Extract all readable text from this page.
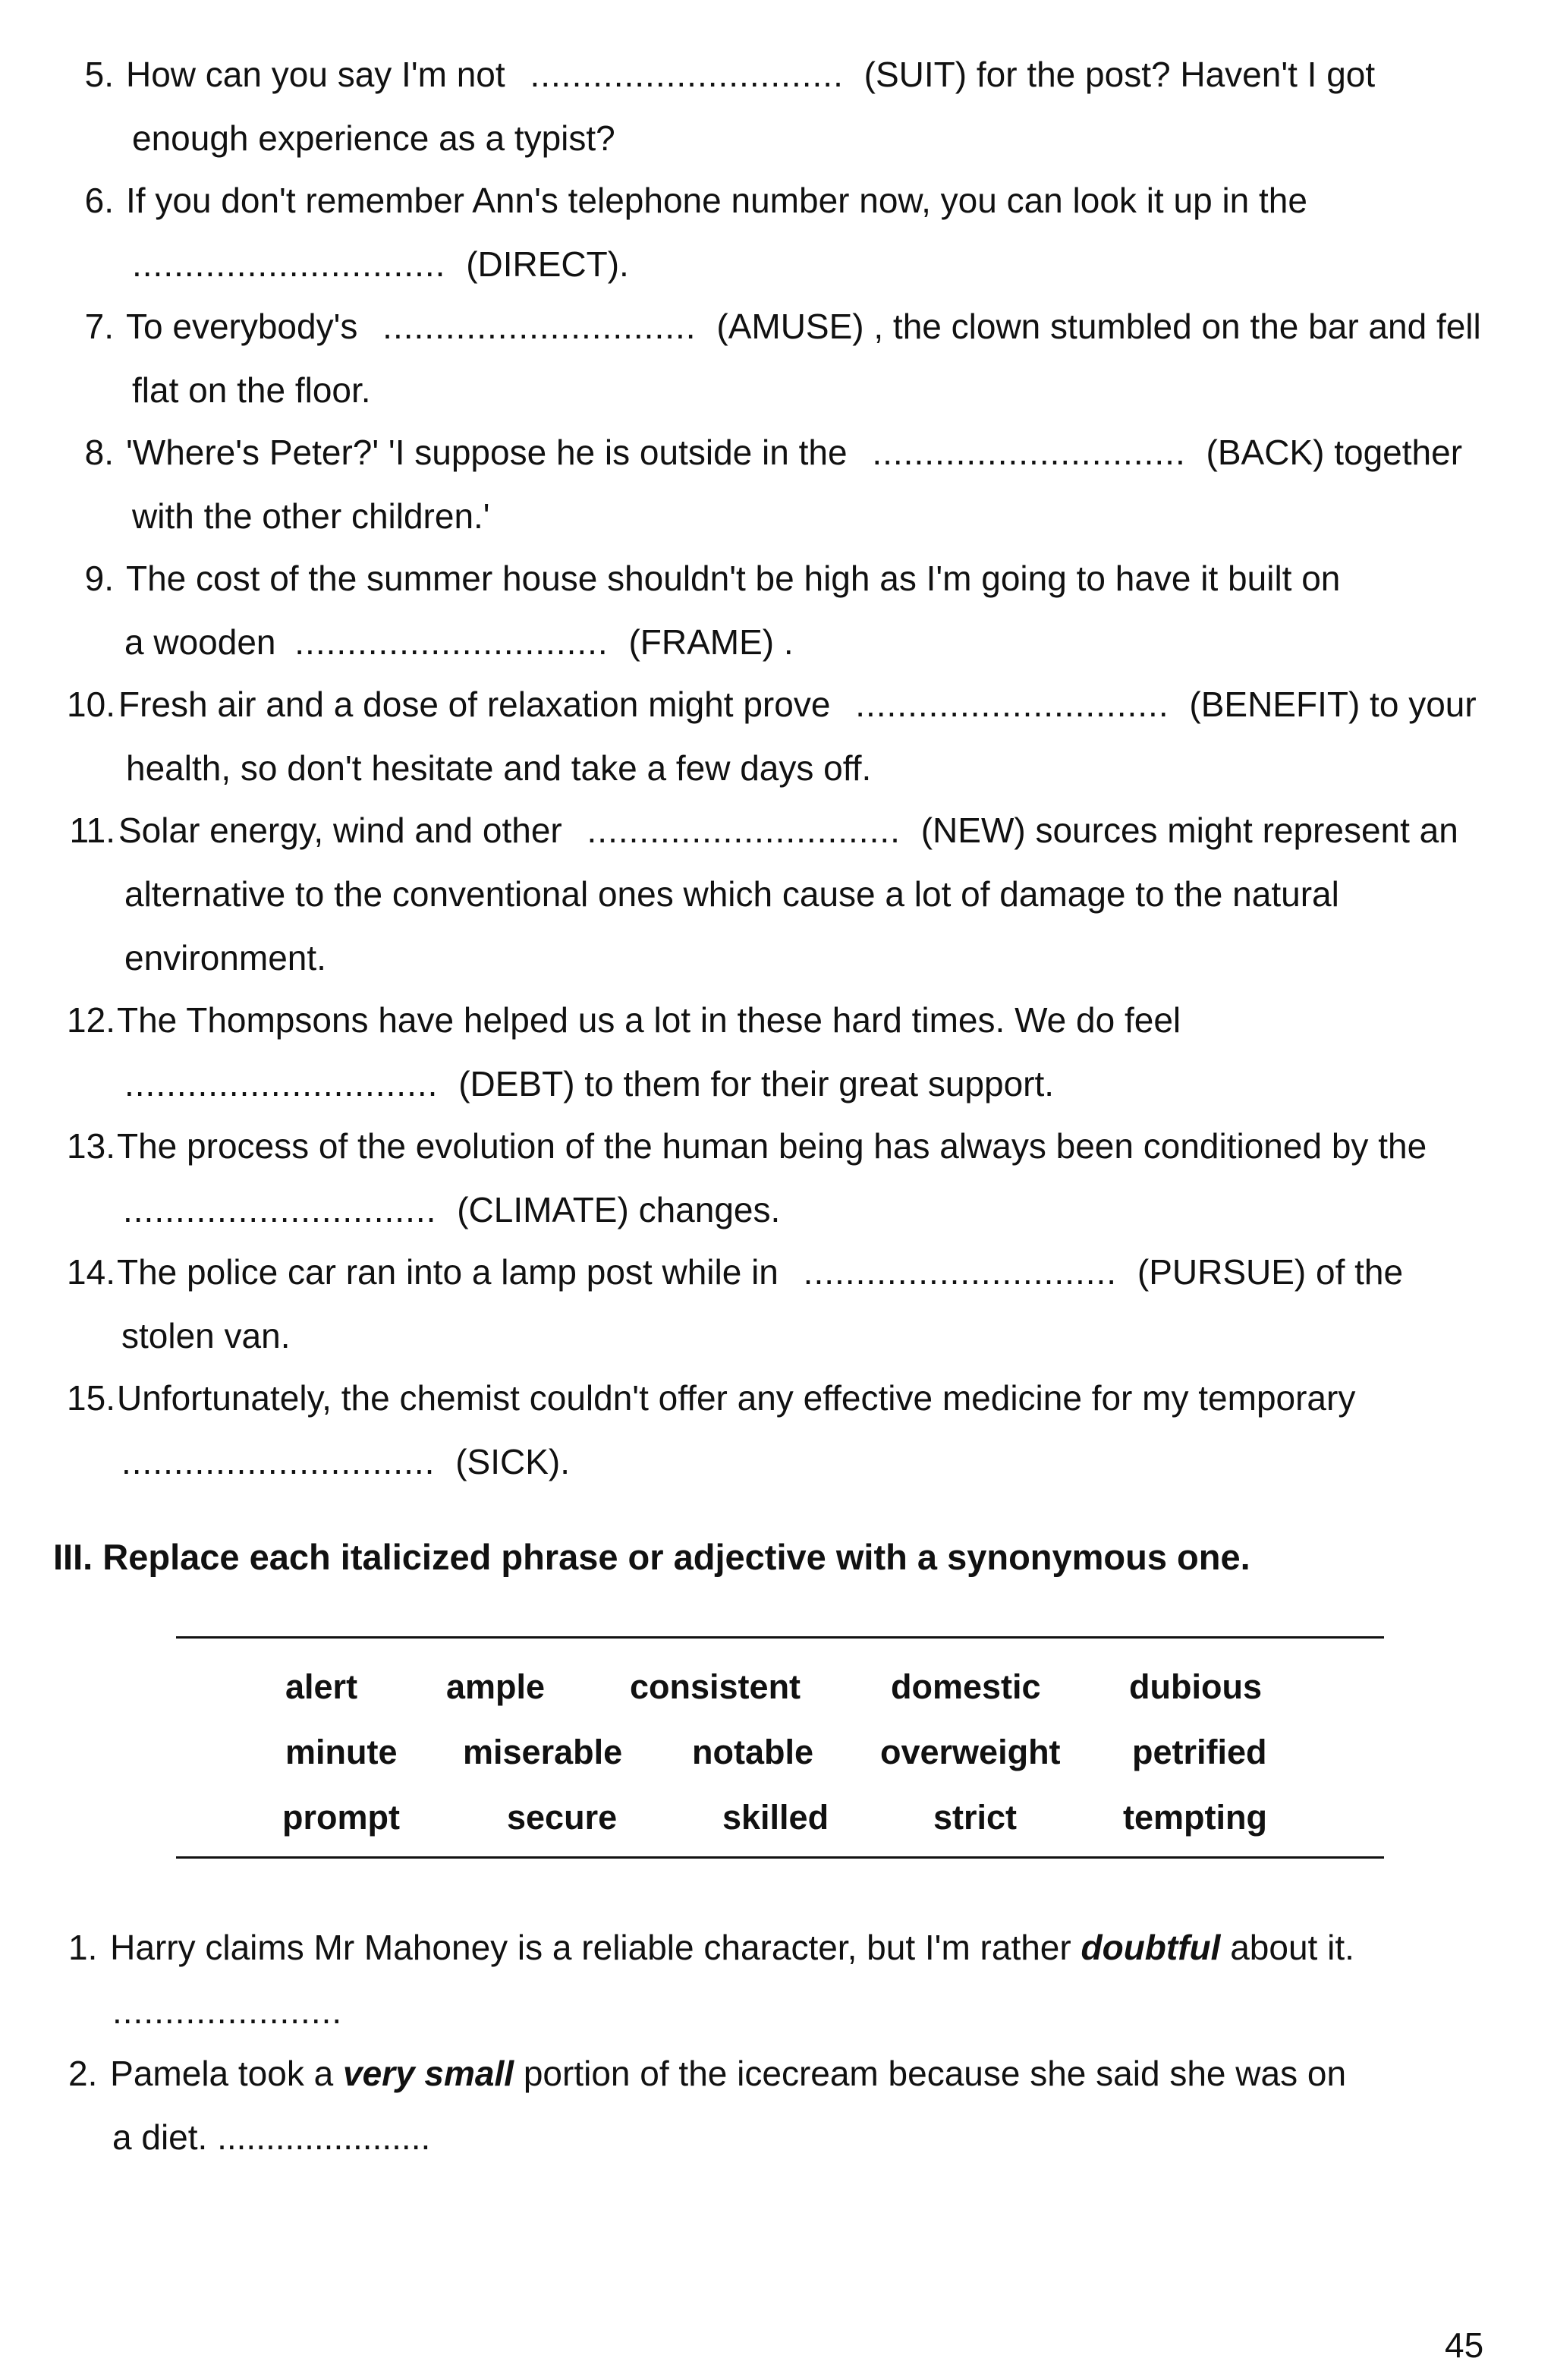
5. How can you say I'm not .............................. (SUIT) for the post? Haven't I got
enough experience as a typist?
6. If you don't remember Ann's telephone number now, you can look it up in the
.............................. (DIRECT).
7. To everybody's .............................. (AMUSE) , the clown stumbled on the bar and fell
flat on the floor.
8. 'Where's Peter?' 'I suppose he is outside in the .............................. (BACK) together
with the other children.'
9. The cost of the summer house shouldn't be high as I'm going to have it built on
a wooden .............................. (FRAME) .
10. Fresh air and a dose of relaxation might prove .............................. (BENEFIT) to your
health, so don't hesitate and take a few days off.
11. Solar energy, wind and other .............................. (NEW) sources might represent an
alternative to the conventional ones which cause a lot of damage to the natural
environment.
12. The Thompsons have helped us a lot in these hard times. We do feel
.............................. (DEBT) to them for their great support.
13. The process of the evolution of the human being has always been conditioned by the
.............................. (CLIMATE) changes.
14. The police car ran into a lamp post while in .............................. (PURSUE) of the
stolen van.
15. Unfortunately, the chemist couldn't offer any effective medicine for my temporary
.............................. (SICK).
III. Replace each italicized phrase or adjective with a synonymous one.
alert	ample consistent	domestic	dubious
minute miserable notable overweight petrified
prompt	secure	skilled	strict	tempting
1. Harry claims Mr Mahoney is a reliable character, but I'm rather doubtful about it.
......................
2. Pamela took a very small portion of the icecream because she said she was on
a diet. ......................
45
